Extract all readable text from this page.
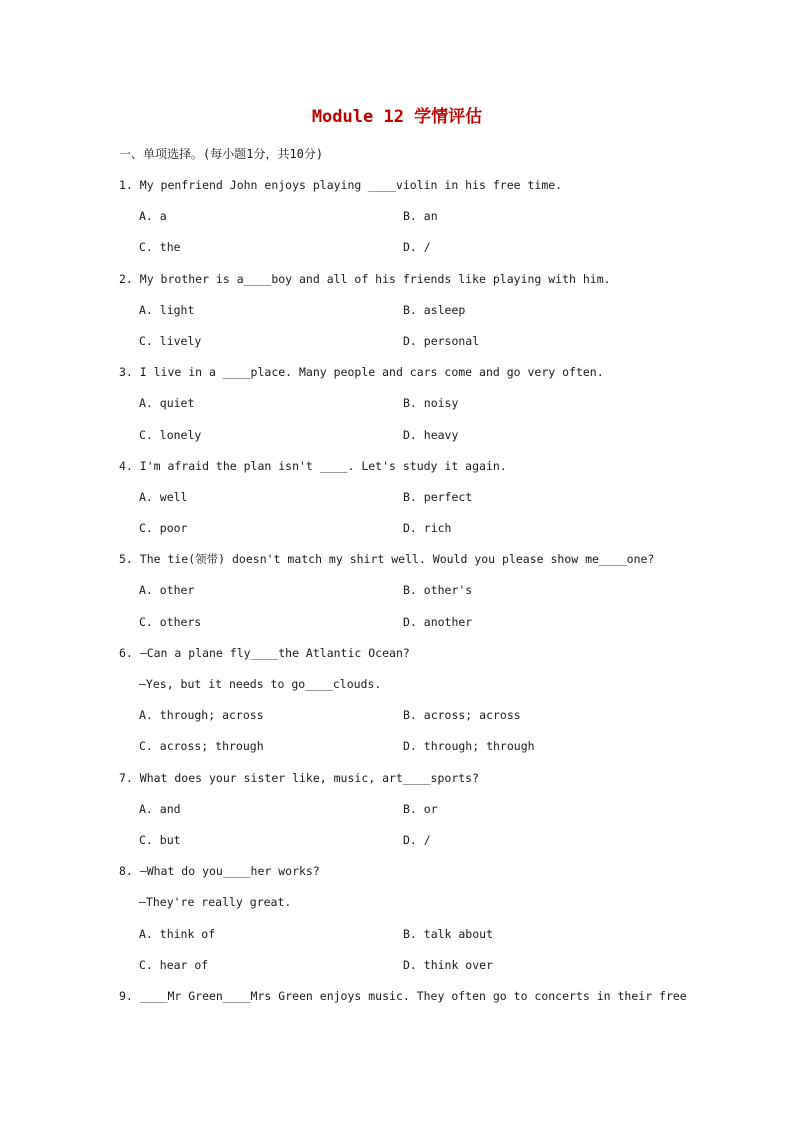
Module 12 学情评估
一、单项选择。(每小题1分，共10分)
1. My penfriend John enjoys playing ____violin in his free time.
A. a	B. an
C. the	D. /
2. My brother is a____boy and all of his friends like playing with him.
A. light	B. asleep
C. lively	D. personal
3. I live in a ____place. Many people and cars come and go very often.
A. quiet	B. noisy
C. lonely	D. heavy
4. I'm afraid the plan isn't ____. Let's study it again.
A. well	B. perfect
C. poor	D. rich
5. The tie(领带) doesn't match my shirt well. Would you please show me____one?
A. other	B. other's
C. others	D. another
6. —Can a plane fly____the Atlantic Ocean?
—Yes, but it needs to go____clouds.
A. through; across	B. across; across
C. across; through	D. through; through
7. What does your sister like, music, art____sports?
A. and	B. or
C. but	D. /
8. —What do you____her works?
—They're really great.
A. think of	B. talk about
C. hear of	D. think over
9. ____Mr Green____Mrs Green enjoys music. They often go to concerts in their free
